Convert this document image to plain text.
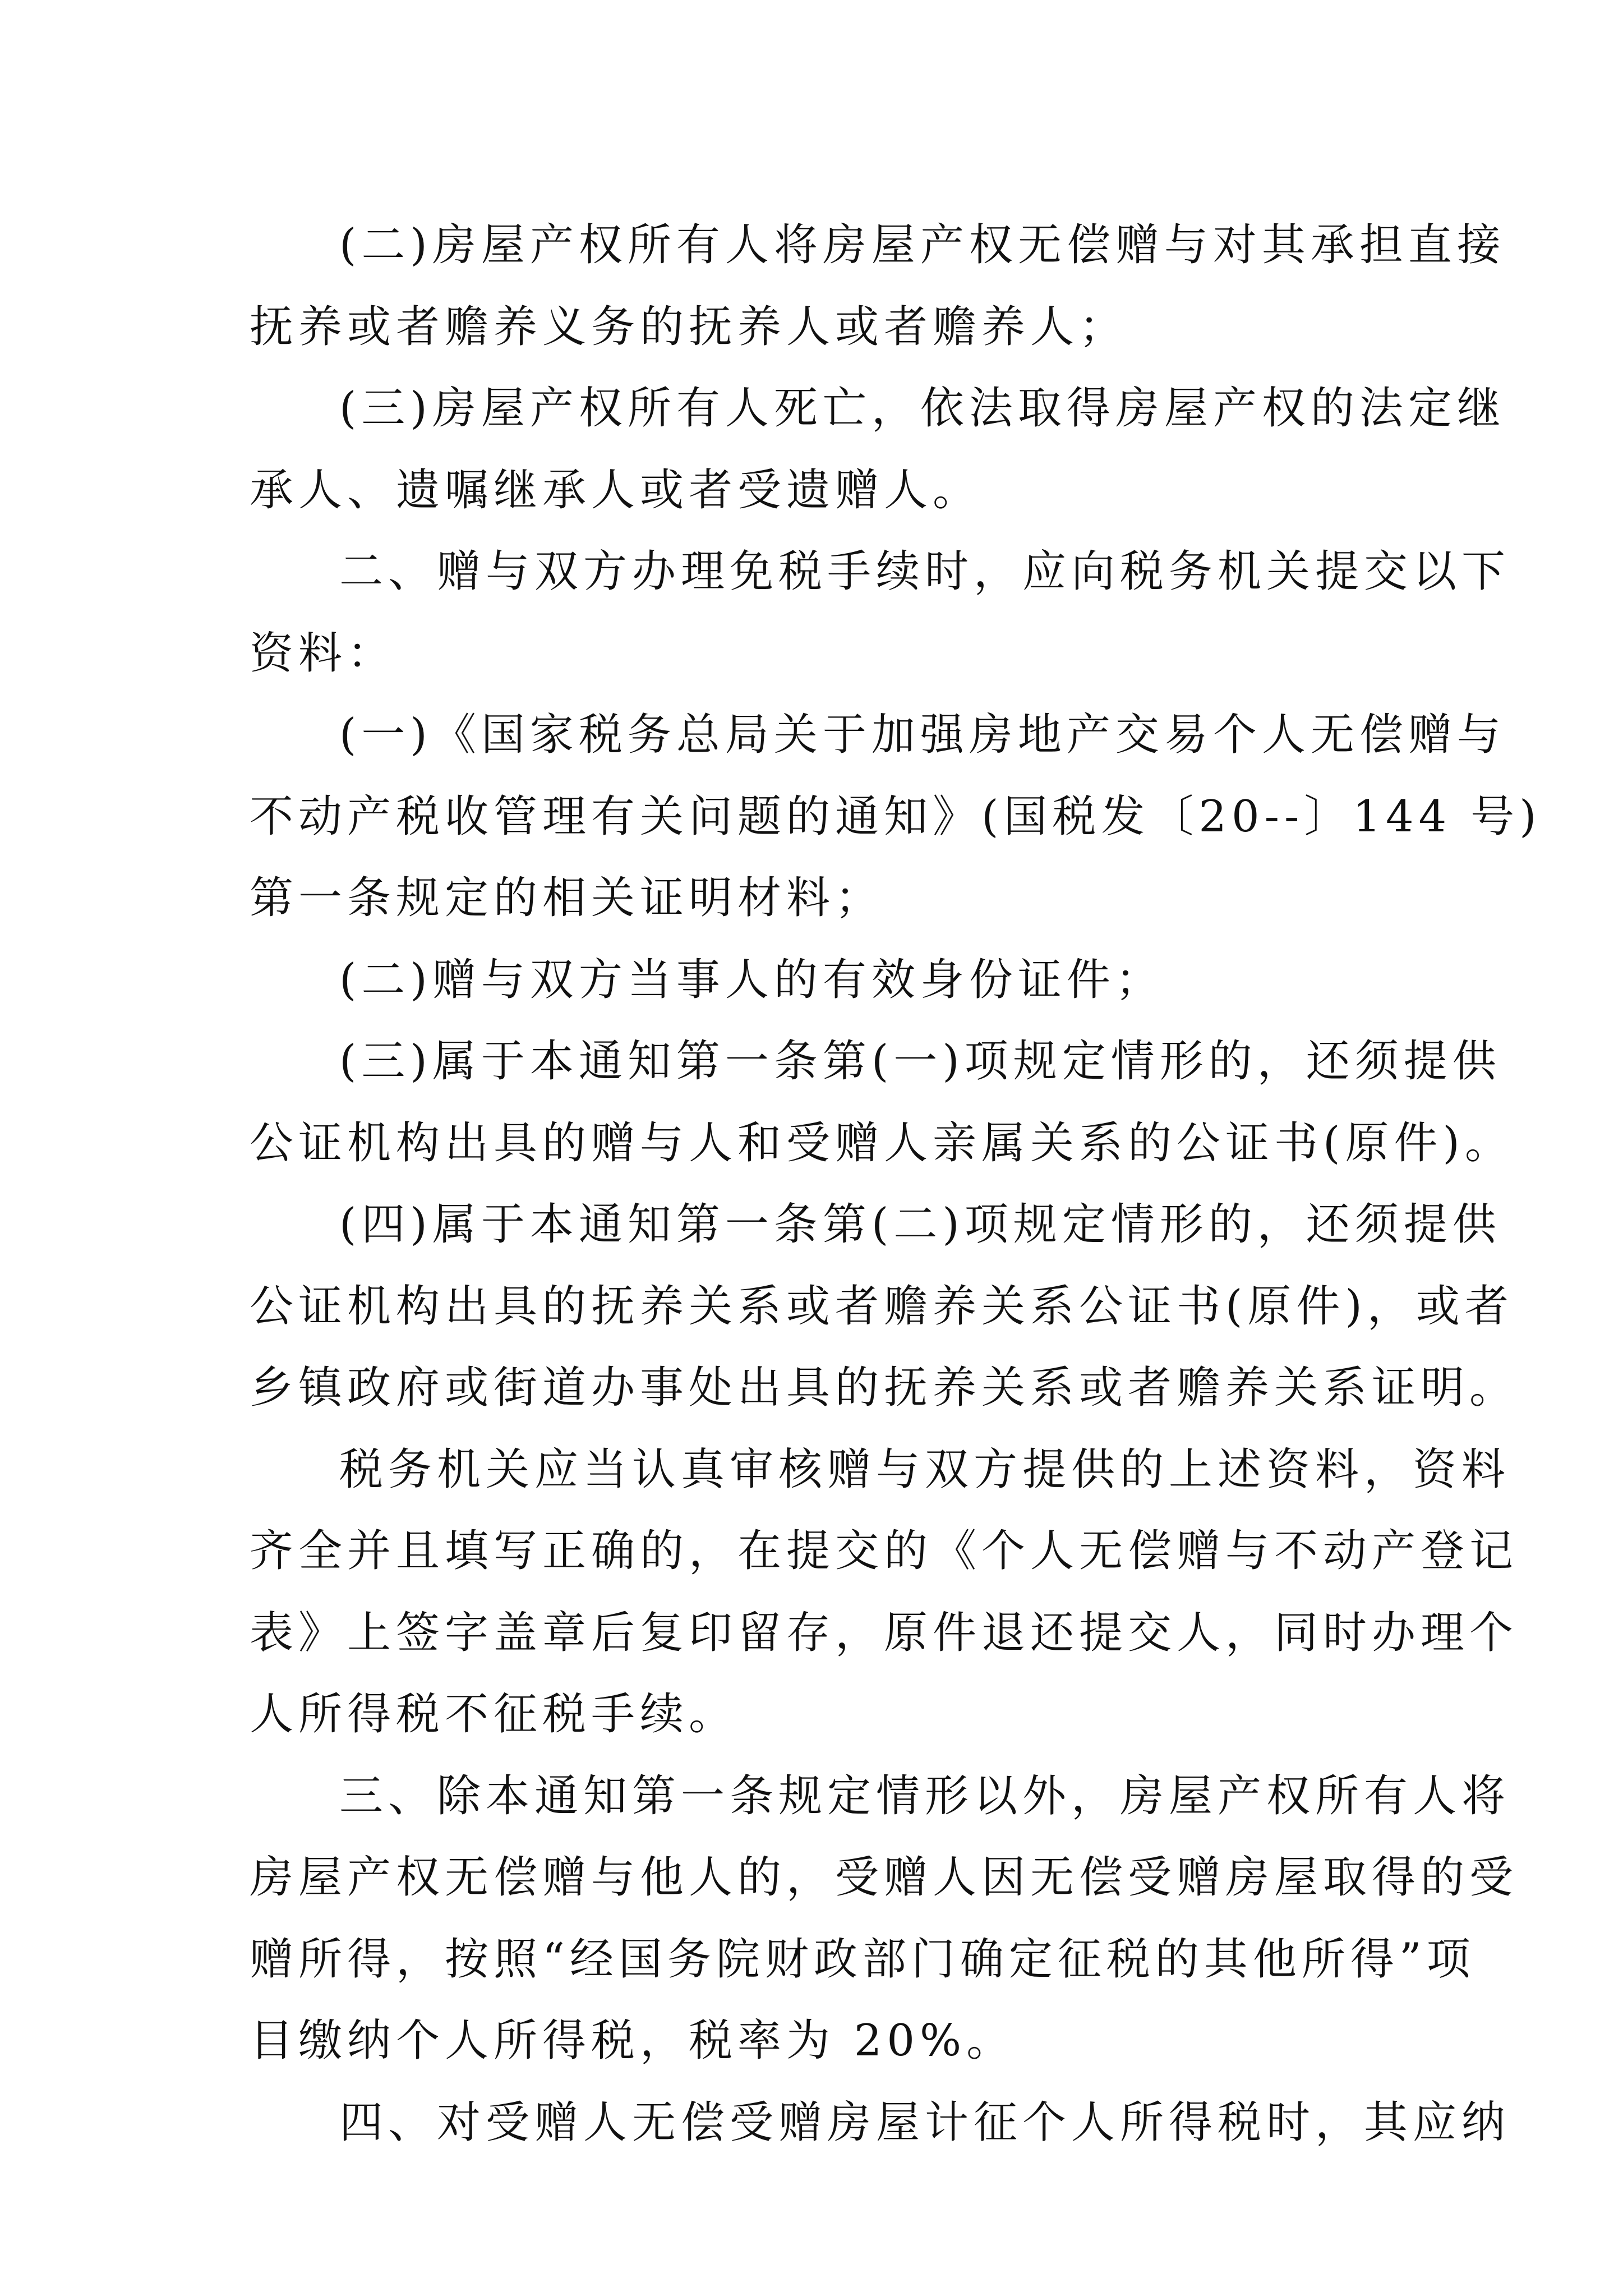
(二)房屋产权所有人将房屋产权无偿赠与对其承担直接
抚养或者赡养义务的抚养人或者赡养人；
(三)房屋产权所有人死亡，依法取得房屋产权的法定继
承人、遗嘱继承人或者受遗赠人。
二、赠与双方办理免税手续时，应向税务机关提交以下
资料：
(一)《国家税务总局关于加强房地产交易个人无偿赠与
不动产税收管理有关问题的通知》(国税发〔20--〕144 号)
第一条规定的相关证明材料；
(二)赠与双方当事人的有效身份证件；
(三)属于本通知第一条第(一)项规定情形的，还须提供
公证机构出具的赠与人和受赠人亲属关系的公证书(原件)。
(四)属于本通知第一条第(二)项规定情形的，还须提供
公证机构出具的抚养关系或者赡养关系公证书(原件)，或者
乡镇政府或街道办事处出具的抚养关系或者赡养关系证明。
税务机关应当认真审核赠与双方提供的上述资料，资料
齐全并且填写正确的，在提交的《个人无偿赠与不动产登记
表》上签字盖章后复印留存，原件退还提交人，同时办理个
人所得税不征税手续。
三、除本通知第一条规定情形以外，房屋产权所有人将
房屋产权无偿赠与他人的，受赠人因无偿受赠房屋取得的受
赠所得，按照“经国务院财政部门确定征税的其他所得”项
目缴纳个人所得税，税率为 20%。
四、对受赠人无偿受赠房屋计征个人所得税时，其应纳
